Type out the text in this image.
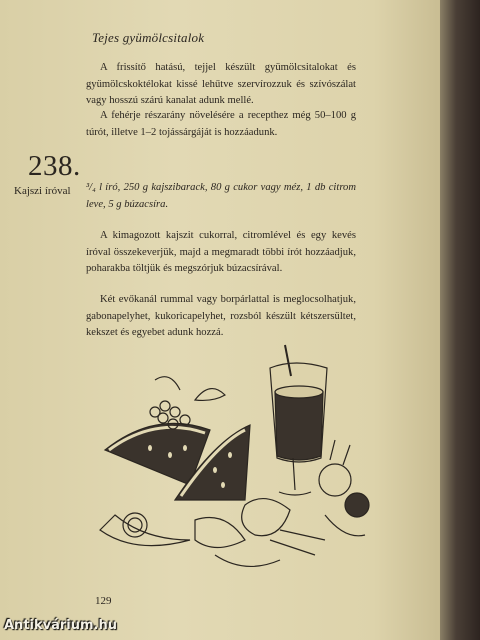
Tejes gyümölcsitalok

A frissítő hatású, tejjel készült gyümölcsitalokat és gyümölcskoktélokat kissé lehűtve szervírozzuk és szívószálat vagy hosszú szárú kanalat adunk mellé.

A fehérje részarány növelésére a recepthez még 50–100 g túrót, illetve 1–2 tojássárgáját is hozzáadunk.

238.
Kajszi íróval ³/₄ l író, 250 g kajszibarack, 80 g cukor vagy méz, 1 db citrom leve, 5 g búzacsíra.

A kimagozott kajszit cukorral, citromlével és egy kevés íróval összekeverjük, majd a megmaradt többi írót hozzáadjuk, poharakba töltjük és megszórjuk búzacsírával.

Két evőkanál rummal vagy borpárlattal is meglocsolhatjuk, gabonapelyhet, kukoricapelyhet, rozsból készült kétszersültet, kekszet és egyebet adunk hozzá.

129
Antikvárium.hu
